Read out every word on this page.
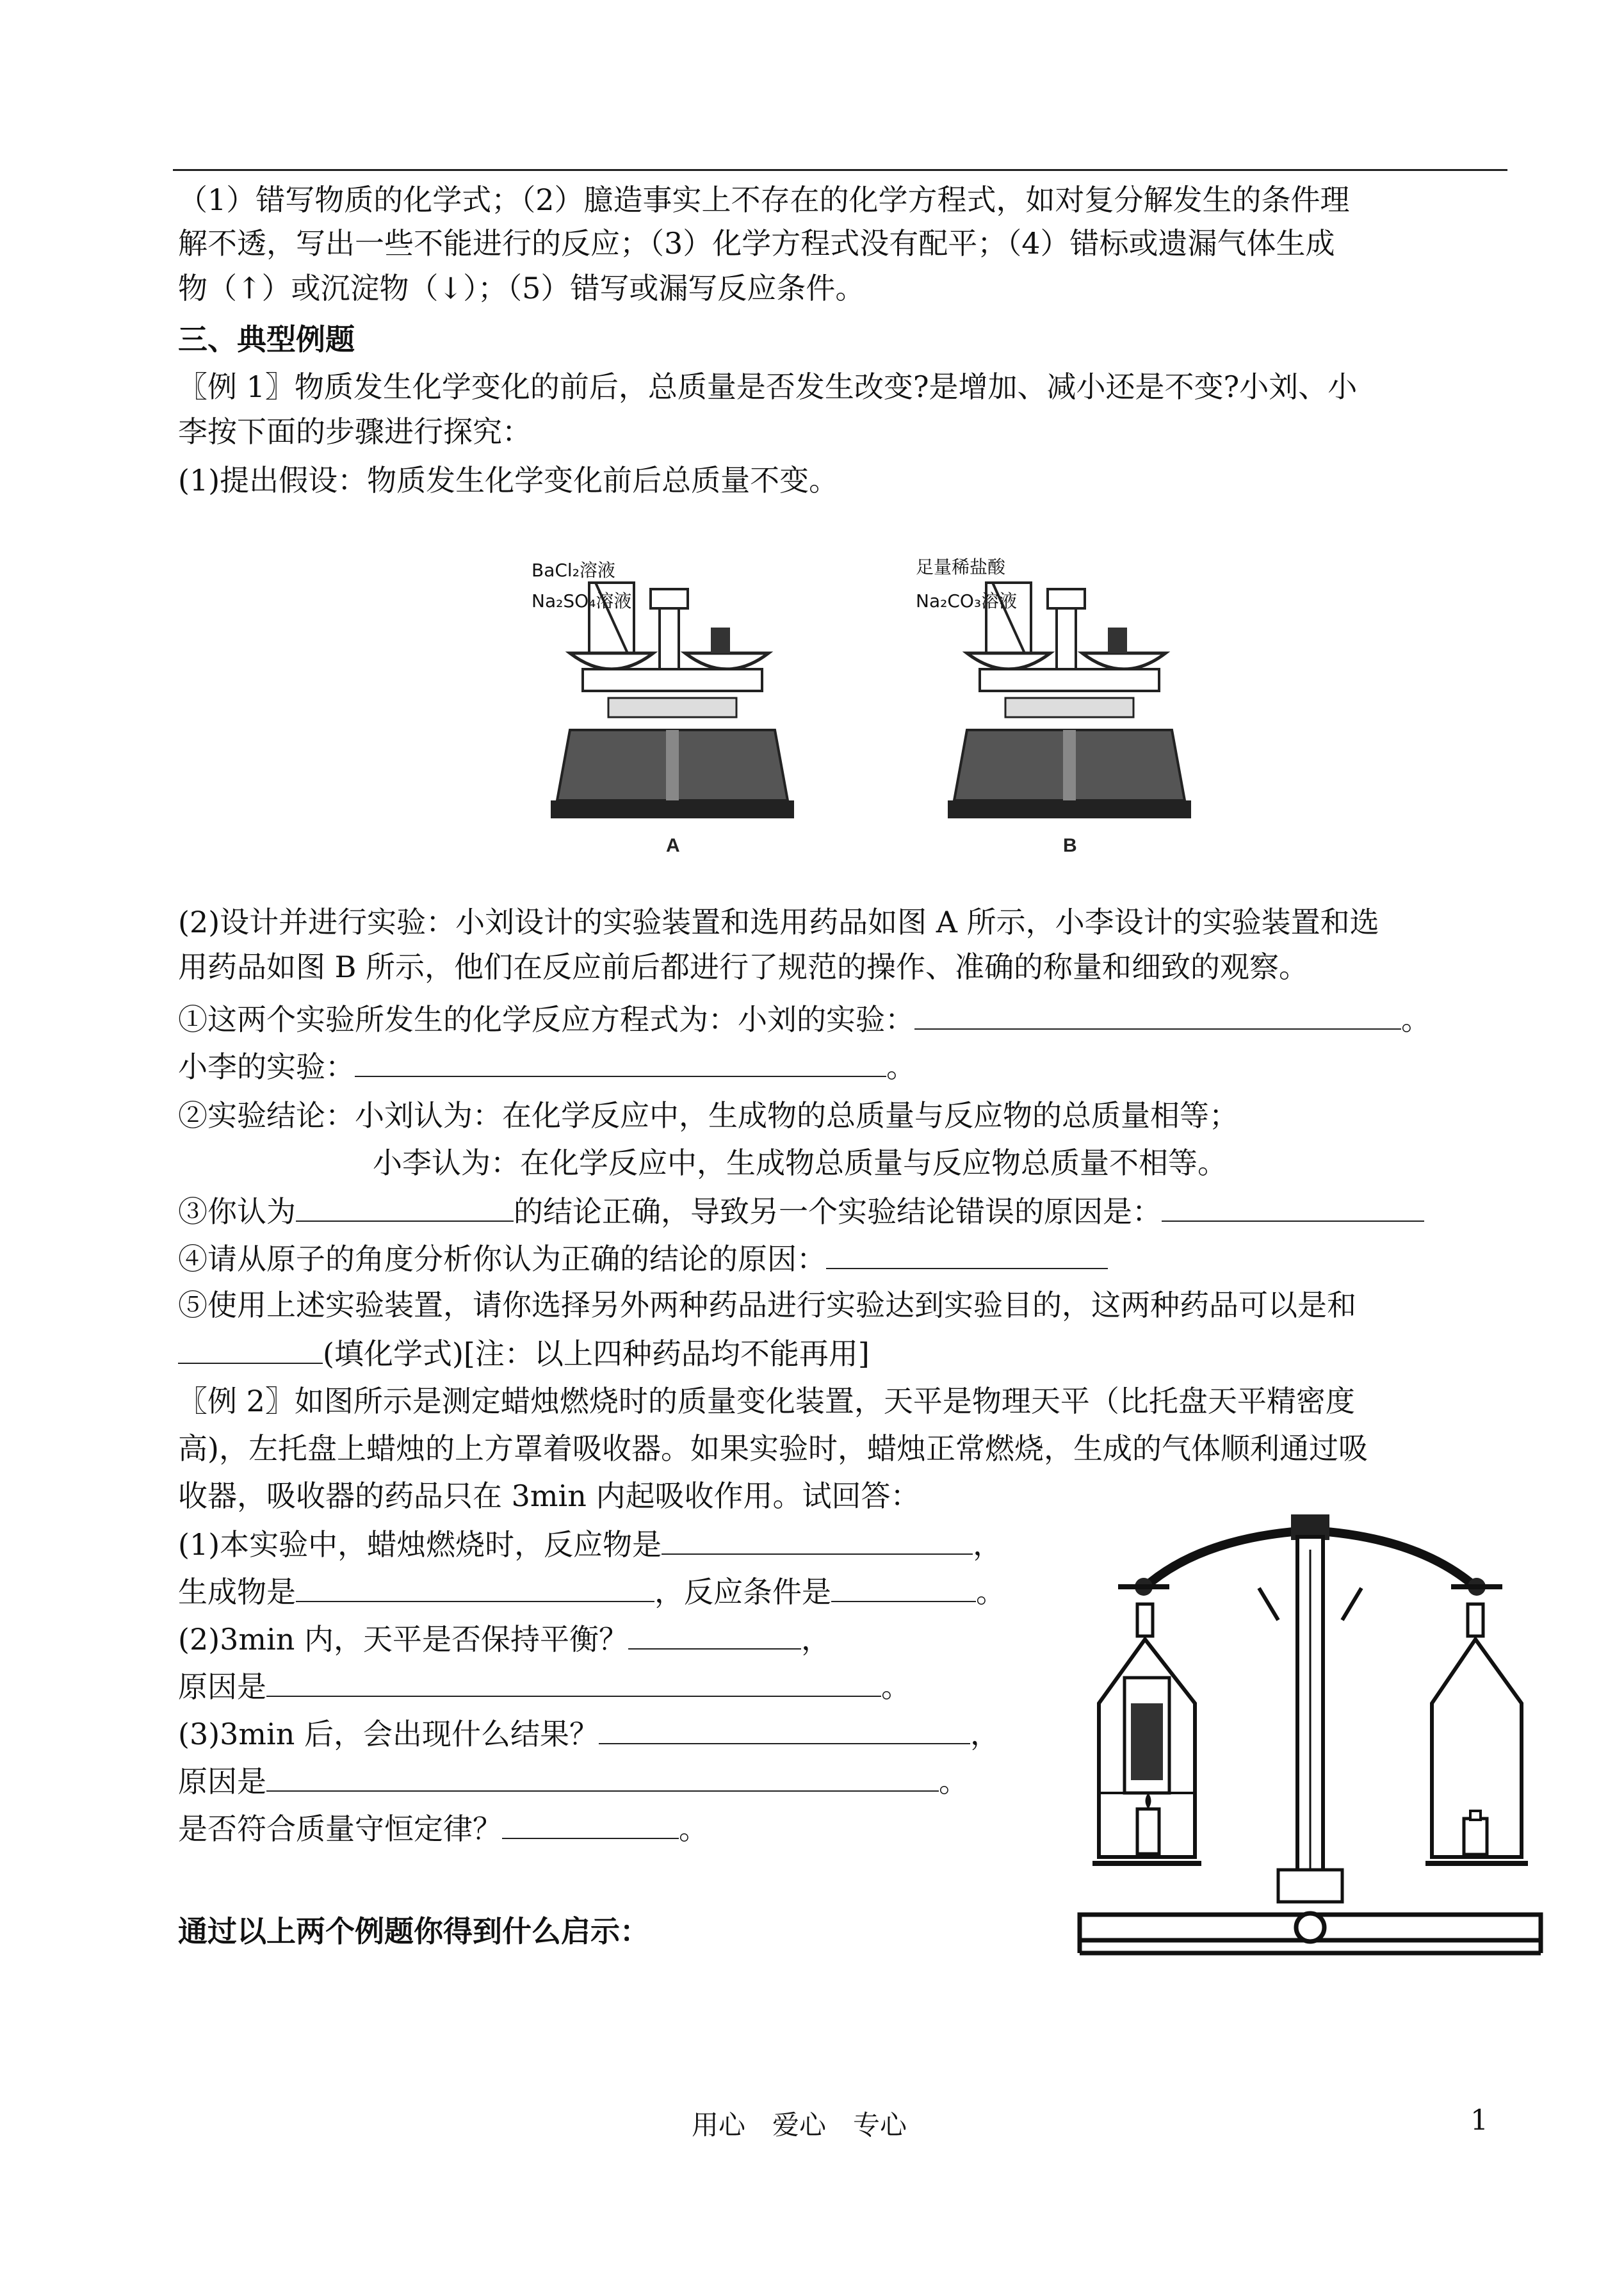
（1）错写物质的化学式；（2）臆造事实上不存在的化学方程式，如对复分解发生的条件理
解不透，写出一些不能进行的反应；（3）化学方程式没有配平；（4）错标或遗漏气体生成
物（↑）或沉淀物（↓）；（5）错写或漏写反应条件。
三、典型例题
〖例 1〗物质发生化学变化的前后，总质量是否发生改变?是增加、减小还是不变?小刘、小
李按下面的步骤进行探究：
(1)提出假设：物质发生化学变化前后总质量不变。
BaCl₂溶液
Na₂SO₄溶液
A
足量稀盐酸
Na₂CO₃溶液
B
(2)设计并进行实验：小刘设计的实验装置和选用药品如图 A 所示，小李设计的实验装置和选
用药品如图 B 所示，他们在反应前后都进行了规范的操作、准确的称量和细致的观察。
①这两个实验所发生的化学反应方程式为：小刘的实验：	。
小李的实验：	。
②实验结论：小刘认为：在化学反应中，生成物的总质量与反应物的总质量相等；
小李认为：在化学反应中，生成物总质量与反应物总质量不相等。
③你认为	的结论正确，导致另一个实验结论错误的原因是：
④请从原子的角度分析你认为正确的结论的原因：
⑤使用上述实验装置，请你选择另外两种药品进行实验达到实验目的，这两种药品可以是和
(填化学式)[注：以上四种药品均不能再用]
〖例 2〗如图所示是测定蜡烛燃烧时的质量变化装置，天平是物理天平（比托盘天平精密度
高)，左托盘上蜡烛的上方罩着吸收器。如果实验时，蜡烛正常燃烧，生成的气体顺利通过吸
收器，吸收器的药品只在 3min 内起吸收作用。试回答：
(1)本实验中，蜡烛燃烧时，反应物是	，
生成物是	，反应条件是	。
(2)3min 内，天平是否保持平衡？	，
原因是	。
(3)3min 后，会出现什么结果？	，
原因是	。
是否符合质量守恒定律？	。
通过以上两个例题你得到什么启示：
用心　爱心　专心	1
